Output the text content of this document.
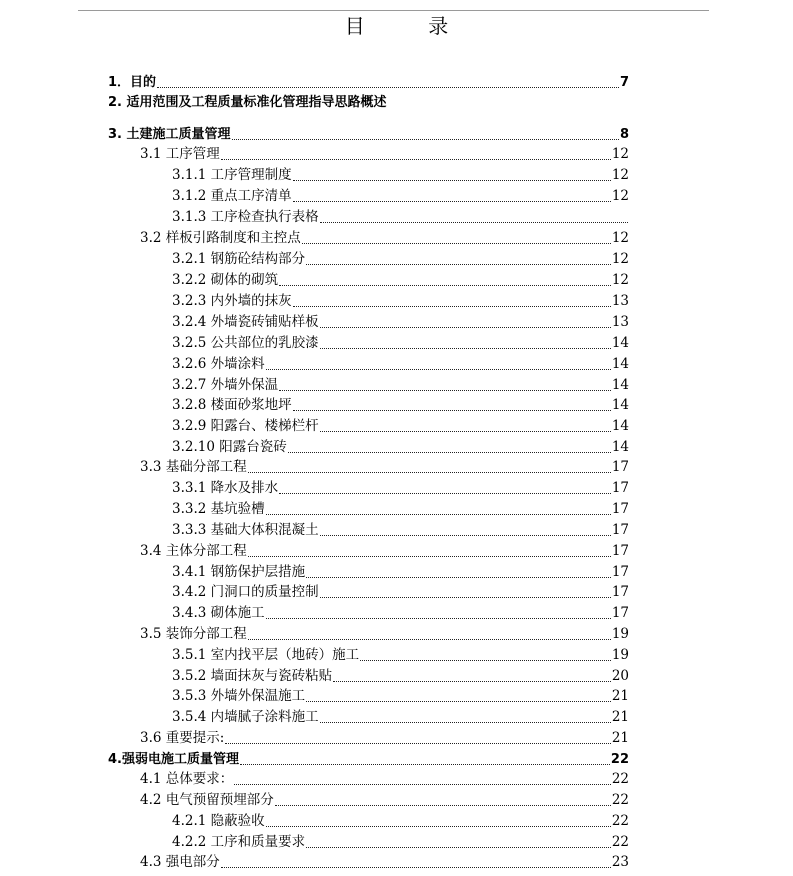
目          录
1．目的	7
2. 适用范围及工程质量标准化管理指导思路概述
3. 土建施工质量管理	8
3.1 工序管理	12
3.1.1 工序管理制度	12
3.1.2 重点工序清单	12
3.1.3 工序检查执行表格
3.2 样板引路制度和主控点	12
3.2.1 钢筋砼结构部分	12
3.2.2 砌体的砌筑	12
3.2.3 内外墙的抹灰	13
3.2.4 外墙瓷砖铺贴样板	13
3.2.5 公共部位的乳胶漆	14
3.2.6 外墙涂料	14
3.2.7 外墙外保温	14
3.2.8 楼面砂浆地坪	14
3.2.9 阳露台、楼梯栏杆	14
3.2.10 阳露台瓷砖	14
3.3 基础分部工程	17
3.3.1 降水及排水	17
3.3.2 基坑验槽	17
3.3.3 基础大体积混凝土	17
3.4 主体分部工程	17
3.4.1 钢筋保护层措施	17
3.4.2 门洞口的质量控制	17
3.4.3 砌体施工	17
3.5 装饰分部工程	19
3.5.1 室内找平层（地砖）施工	19
3.5.2 墙面抹灰与瓷砖粘贴	20
3.5.3 外墙外保温施工	21
3.5.4 内墙腻子涂料施工	21
3.6 重要提示:	21
4.强弱电施工质量管理	22
4.1 总体要求：	22
4.2 电气预留预埋部分	22
4.2.1 隐蔽验收	22
4.2.2 工序和质量要求	22
4.3 强电部分	23
